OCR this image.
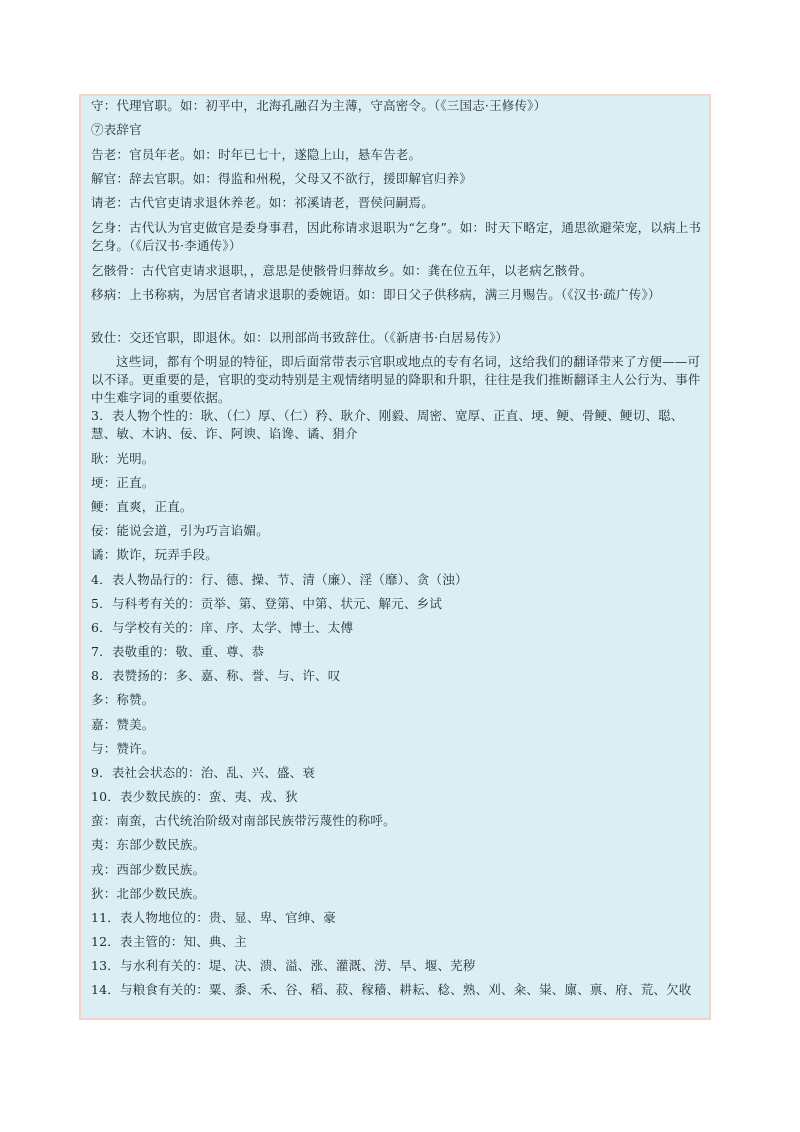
守：代理官职。如：初平中，北海孔融召为主薄，守高密令。（《三国志·王修传》）
⑦表辞官
告老：官员年老。如：时年已七十，遂隐上山，悬车告老。
解官：辞去官职。如：得监和州税，父母又不欲行，援即解官归养》
请老：古代官吏请求退休养老。如：祁溪请老，晋侯问嗣焉。
乞身：古代认为官吏做官是委身事君，因此称请求退职为“乞身”。如：时天下略定，通思欲避荣宠，以病上书乞身。（《后汉书·李通传》）
乞骸骨：古代官吏请求退职，，意思是使骸骨归葬故乡。如：龚在位五年，以老病乞骸骨。
移病：上书称病，为居官者请求退职的委婉语。如：即日父子供移病，满三月赐告。（《汉书·疏广传》）
致仕：交还官职，即退休。如：以刑部尚书致辞仕。（《新唐书·白居易传》）
这些词，都有个明显的特征，即后面常带表示官职或地点的专有名词，这给我们的翻译带来了方便——可以不译。更重要的是，官职的变动特别是主观情绪明显的降职和升职，往往是我们推断翻译主人公行为、事件中生难字词的重要依据。
3．表人物个性的：耿、（仁）厚、（仁）矜、耿介、刚毅、周密、宽厚、正直、埂、鲠、骨鲠、鲠切、聪、慧、敏、木讷、佞、诈、阿谀、谄谗、谲、狷介
耿：光明。
埂：正直。
鲠：直爽，正直。
佞：能说会道，引为巧言谄媚。
谲：欺诈，玩弄手段。
4．表人物品行的：行、德、操、节、清（廉）、淫（靡）、贪（浊）
5．与科考有关的：贡举、第、登第、中第、状元、解元、乡试
6．与学校有关的：庠、序、太学、博士、太傅
7．表敬重的：敬、重、尊、恭
8．表赞扬的：多、嘉、称、誉、与、许、叹
多：称赞。
嘉：赞美。
与：赞许。
9．表社会状态的：治、乱、兴、盛、衰
10．表少数民族的：蛮、夷、戎、狄
蛮：南蛮，古代统治阶级对南部民族带污蔑性的称呼。
夷：东部少数民族。
戎：西部少数民族。
狄：北部少数民族。
11．表人物地位的：贵、显、卑、官绅、豪
12．表主管的：知、典、主
13．与水利有关的：堤、决、溃、溢、涨、灌溉、涝、旱、堰、芜秽
14．与粮食有关的：粟、黍、禾、谷、稻、菽、稼穑、耕耘、稔、熟、刈、籴、粜、廪、禀、府、荒、欠收
